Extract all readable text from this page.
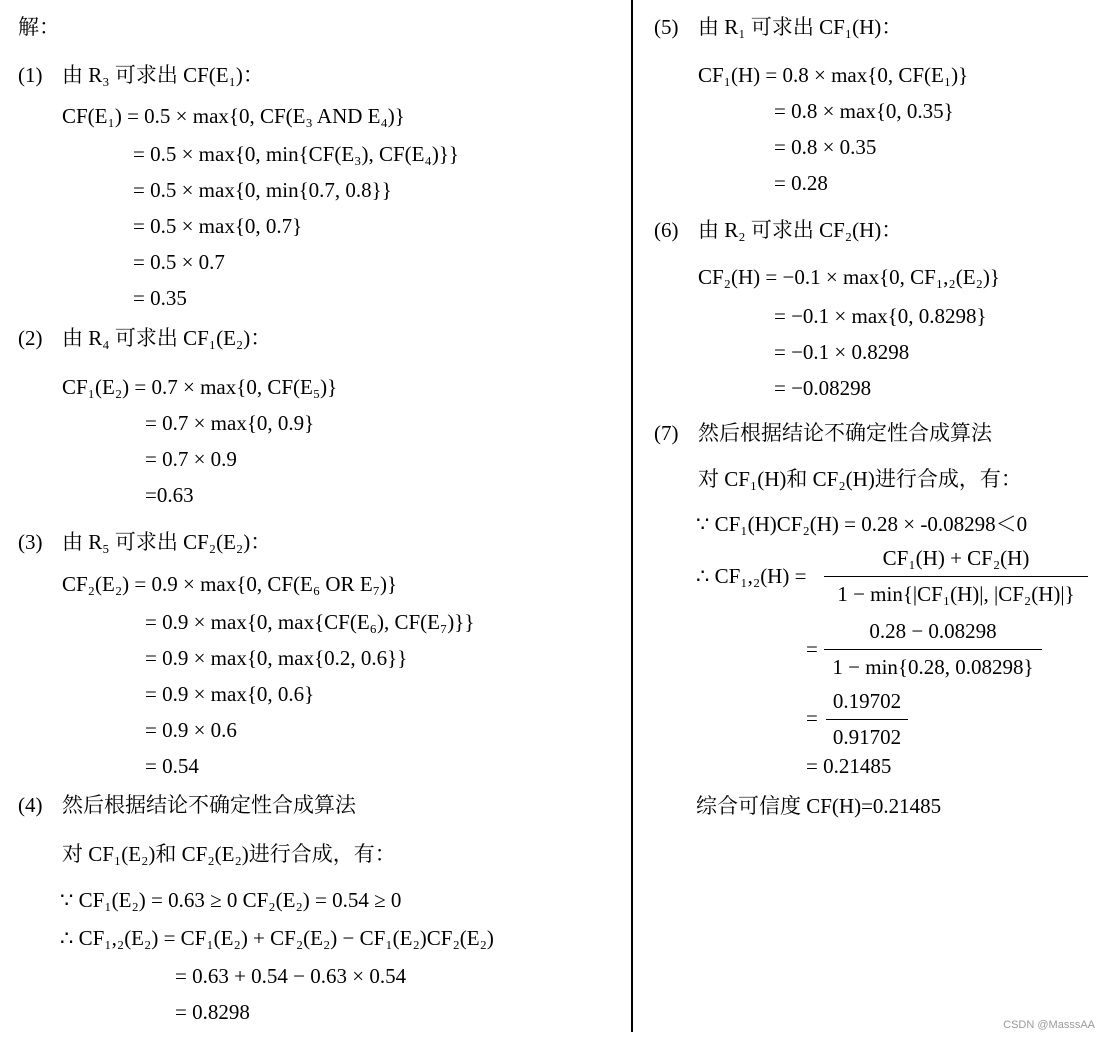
解：
(1) 由 R₃ 可求出 CF(E₁)：
CF(E₁) = 0.5 × max{0, CF(E₃ AND E₄)}
= 0.5 × max{0, min{CF(E₃), CF(E₄)}}
= 0.5 × max{0, min{0.7, 0.8}}
= 0.5 × max{0, 0.7}
= 0.5 × 0.7
= 0.35
(2) 由 R₄ 可求出 CF₁(E₂)：
CF₁(E₂) = 0.7 × max{0, CF(E₅)}
= 0.7 × max{0, 0.9}
= 0.7 × 0.9
=0.63
(3) 由 R₅ 可求出 CF₂(E₂)：
CF₂(E₂) = 0.9 × max{0, CF(E₆ OR E₇)}
= 0.9 × max{0, max{CF(E₆), CF(E₇)}}
= 0.9 × max{0, max{0.2, 0.6}}
= 0.9 × max{0, 0.6}
= 0.9 × 0.6
= 0.54
(4) 然后根据结论不确定性合成算法
对 CF₁(E₂)和 CF₂(E₂)进行合成，有：
∵ CF₁(E₂) = 0.63 ≥ 0 CF₂(E₂) = 0.54 ≥ 0
∴ CF₁,₂(E₂) = CF₁(E₂) + CF₂(E₂) − CF₁(E₂)CF₂(E₂)
= 0.63 + 0.54 − 0.63 × 0.54
= 0.8298
(5) 由 R₁ 可求出 CF₁(H)：
CF₁(H) = 0.8 × max{0, CF(E₁)}
= 0.8 × max{0, 0.35}
= 0.8 × 0.35
= 0.28
(6) 由 R₂ 可求出 CF₂(H)：
CF₂(H) = −0.1 × max{0, CF₁,₂(E₂)}
= −0.1 × max{0, 0.8298}
= −0.1 × 0.8298
= −0.08298
(7) 然后根据结论不确定性合成算法
对 CF₁(H)和 CF₂(H)进行合成，有：
∵ CF₁(H)CF₂(H) = 0.28 × -0.08298＜0
∴ CF₁,₂(H) =
CF₁(H) + CF₂(H)
1 − min{|CF₁(H)|, |CF₂(H)|}
=
0.28 − 0.08298
1 − min{0.28, 0.08298}
=
0.19702
0.91702
= 0.21485
综合可信度 CF(H)=0.21485
CSDN @MasssAA
